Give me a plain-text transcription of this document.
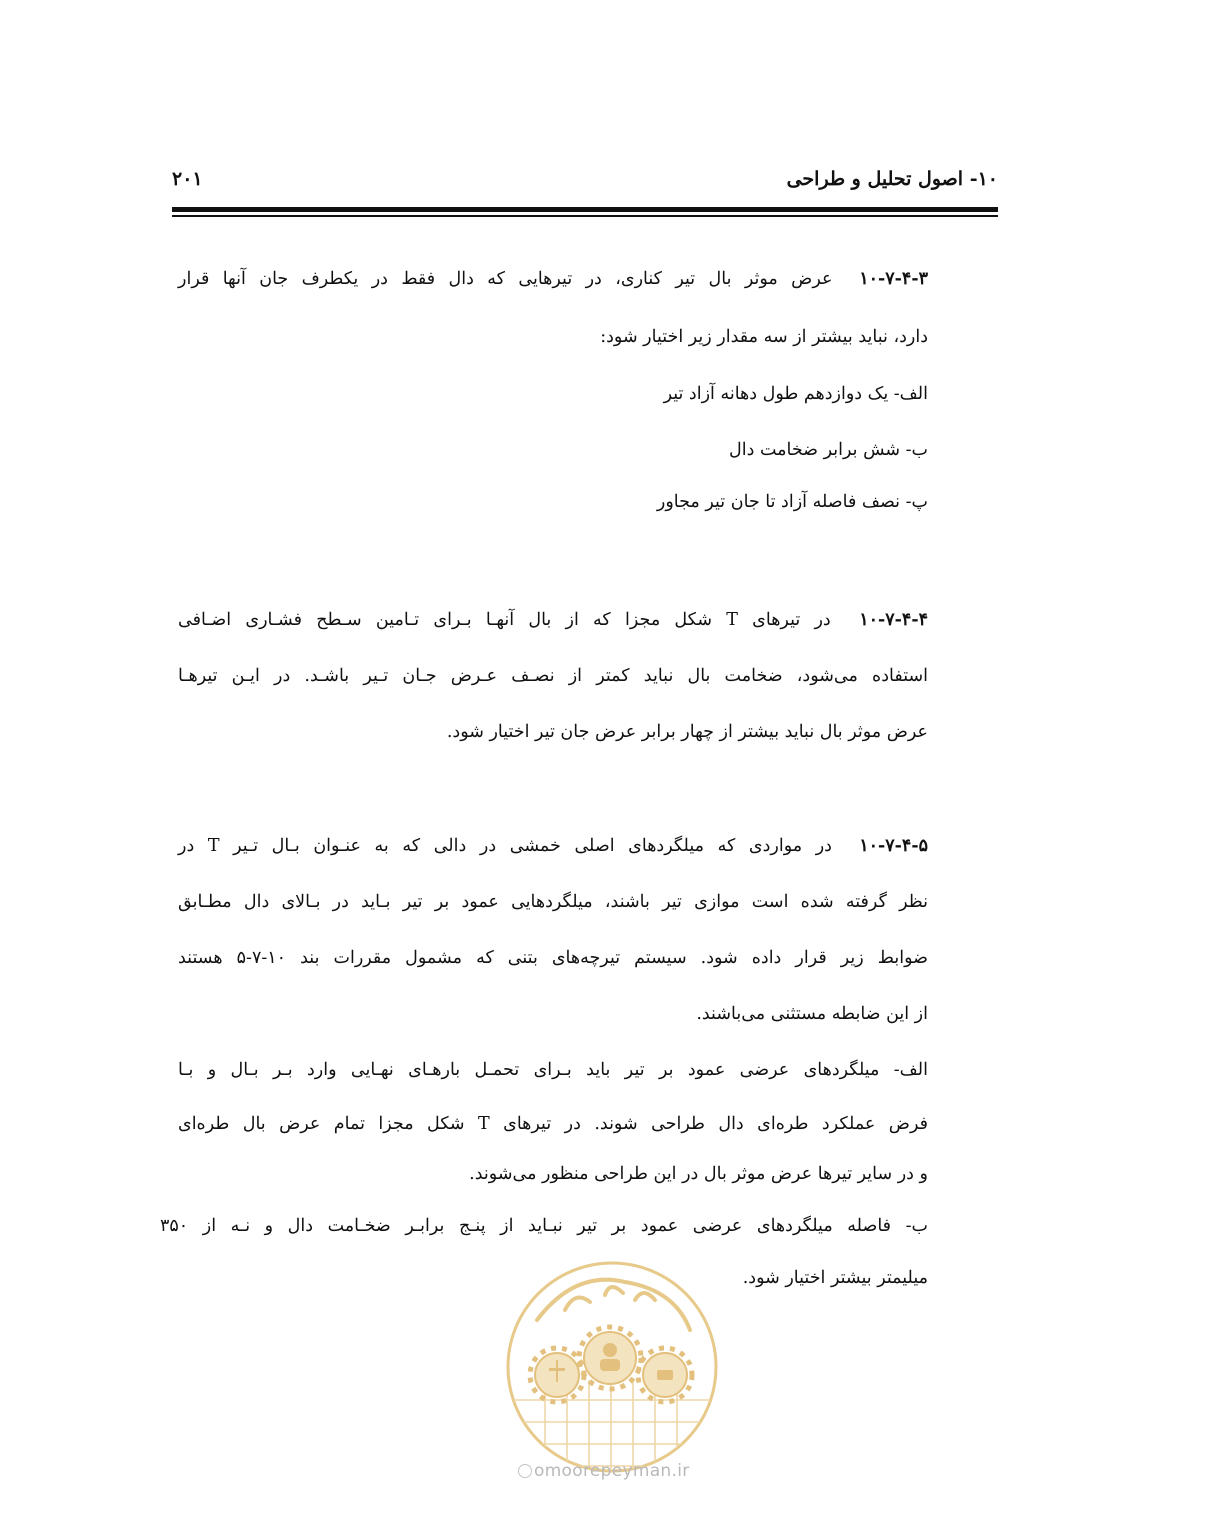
۱۰- اصول تحلیل و طراحی
۲۰۱
۱۰-۷-۴-۳  عرض موثر بال تیر کناری، در تیرهایی که دال فقط در یکطرف جان آنها قرار
دارد، نباید بیشتر از سه مقدار زیر اختیار شود:
الف- یک دوازدهم طول دهانه آزاد تیر
ب- شش برابر ضخامت دال
پ- نصف فاصله آزاد تا جان تیر مجاور
۱۰-۷-۴-۴  در تیرهای T شکل مجزا که از بال آنهـا بـرای تـامین سـطح فشـاری اضـافی
استفاده می‌شود، ضخامت بال نباید کمتر از نصـف عـرض جـان تـیر باشـد. در ایـن تیرهـا
عرض موثر بال نباید بیشتر از چهار برابر عرض جان تیر اختیار شود.
۱۰-۷-۴-۵  در مواردی که میلگردهای اصلی خمشی در دالی که به عنـوان بـال تـیر T در
نظر گرفته شده است موازی تیر باشند، میلگردهایی عمود بر تیر بـاید در بـالای دال مطـابق
ضوابط زیر قرار داده شود. سیستم تیرچه‌های بتنی که مشمول مقررات بند ۱۰-۷-۵ هستند
از این ضابطه مستثنی می‌باشند.
الف- میلگردهای عرضی عمود بر تیر باید بـرای تحمـل بارهـای نهـایی وارد بـر بـال و بـا
فرض عملکرد طره‌ای دال طراحی شوند. در تیرهای T شکل مجزا تمام عرض بال طره‌ای
و در سایر تیرها عرض موثر بال در این طراحی منظور می‌شوند.
ب- فاصله میلگردهای عرضی عمود بر تیر نبـاید از پنـج برابـر ضخـامت دال و نـه از ۳۵۰
میلیمتر بیشتر اختیار شود.
omoorepeyman.ir
